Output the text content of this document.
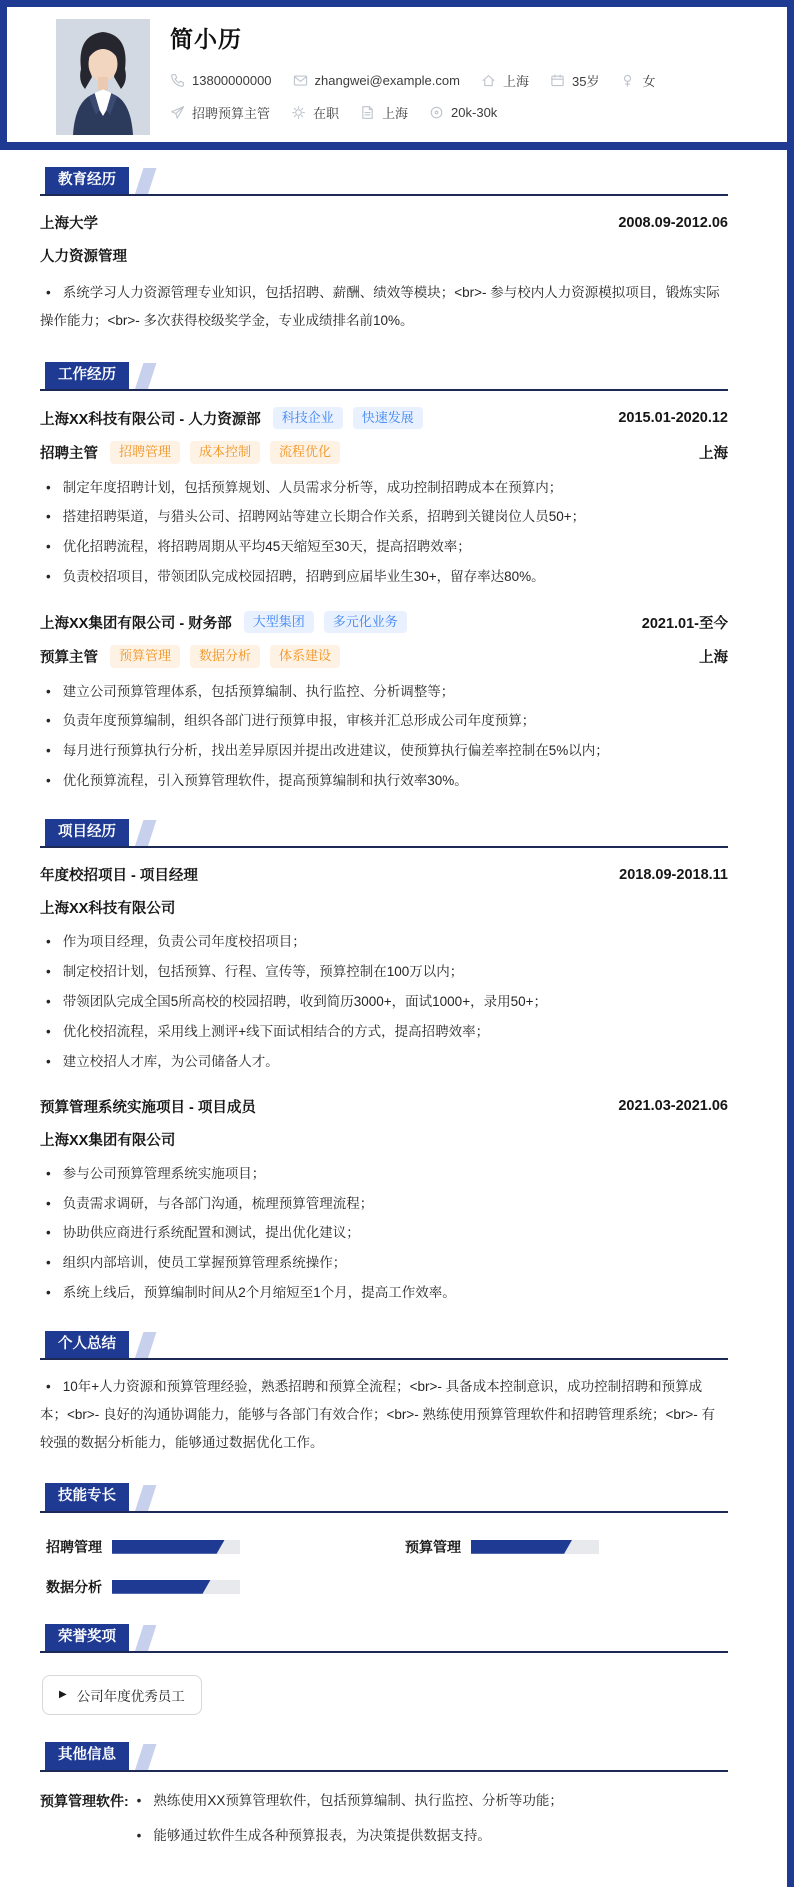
简小历
13800000000	zhangwei@example.com	上海	35岁	女
招聘预算主管	在职	上海	20k-30k
教育经历
上海大学	2008.09-2012.06
人力资源管理
• 系统学习人力资源管理专业知识，包括招聘、薪酬、绩效等模块；<br>- 参与校内人力资源模拟项目，锻炼实际操作能力；<br>- 多次获得校级奖学金，专业成绩排名前10%。
工作经历
上海XX科技有限公司 - 人力资源部	科技企业	快速发展	2015.01-2020.12
招聘主管	招聘管理	成本控制	流程优化	上海
• 制定年度招聘计划，包括预算规划、人员需求分析等，成功控制招聘成本在预算内；
• 搭建招聘渠道，与猎头公司、招聘网站等建立长期合作关系，招聘到关键岗位人员50+；
• 优化招聘流程，将招聘周期从平均45天缩短至30天，提高招聘效率；
• 负责校招项目，带领团队完成校园招聘，招聘到应届毕业生30+，留存率达80%。
上海XX集团有限公司 - 财务部	大型集团	多元化业务	2021.01-至今
预算主管	预算管理	数据分析	体系建设	上海
• 建立公司预算管理体系，包括预算编制、执行监控、分析调整等；
• 负责年度预算编制，组织各部门进行预算申报，审核并汇总形成公司年度预算；
• 每月进行预算执行分析，找出差异原因并提出改进建议，使预算执行偏差率控制在5%以内；
• 优化预算流程，引入预算管理软件，提高预算编制和执行效率30%。
项目经历
年度校招项目 - 项目经理	2018.09-2018.11
上海XX科技有限公司
• 作为项目经理，负责公司年度校招项目；
• 制定校招计划，包括预算、行程、宣传等，预算控制在100万以内；
• 带领团队完成全国5所高校的校园招聘，收到简历3000+，面试1000+，录用50+；
• 优化校招流程，采用线上测评+线下面试相结合的方式，提高招聘效率；
• 建立校招人才库，为公司储备人才。
预算管理系统实施项目 - 项目成员	2021.03-2021.06
上海XX集团有限公司
• 参与公司预算管理系统实施项目；
• 负责需求调研，与各部门沟通，梳理预算管理流程；
• 协助供应商进行系统配置和测试，提出优化建议；
• 组织内部培训，使员工掌握预算管理系统操作；
• 系统上线后，预算编制时间从2个月缩短至1个月，提高工作效率。
个人总结
• 10年+人力资源和预算管理经验，熟悉招聘和预算全流程；<br>- 具备成本控制意识，成功控制招聘和预算成本；<br>- 良好的沟通协调能力，能够与各部门有效合作；<br>- 熟练使用预算管理软件和招聘管理系统；<br>- 有较强的数据分析能力，能够通过数据优化工作。
技能专长
招聘管理	预算管理
数据分析
荣誉奖项
▶ 公司年度优秀员工
其他信息
预算管理软件:	• 熟练使用XX预算管理软件，包括预算编制、执行监控、分析等功能；
• 能够通过软件生成各种预算报表，为决策提供数据支持。
